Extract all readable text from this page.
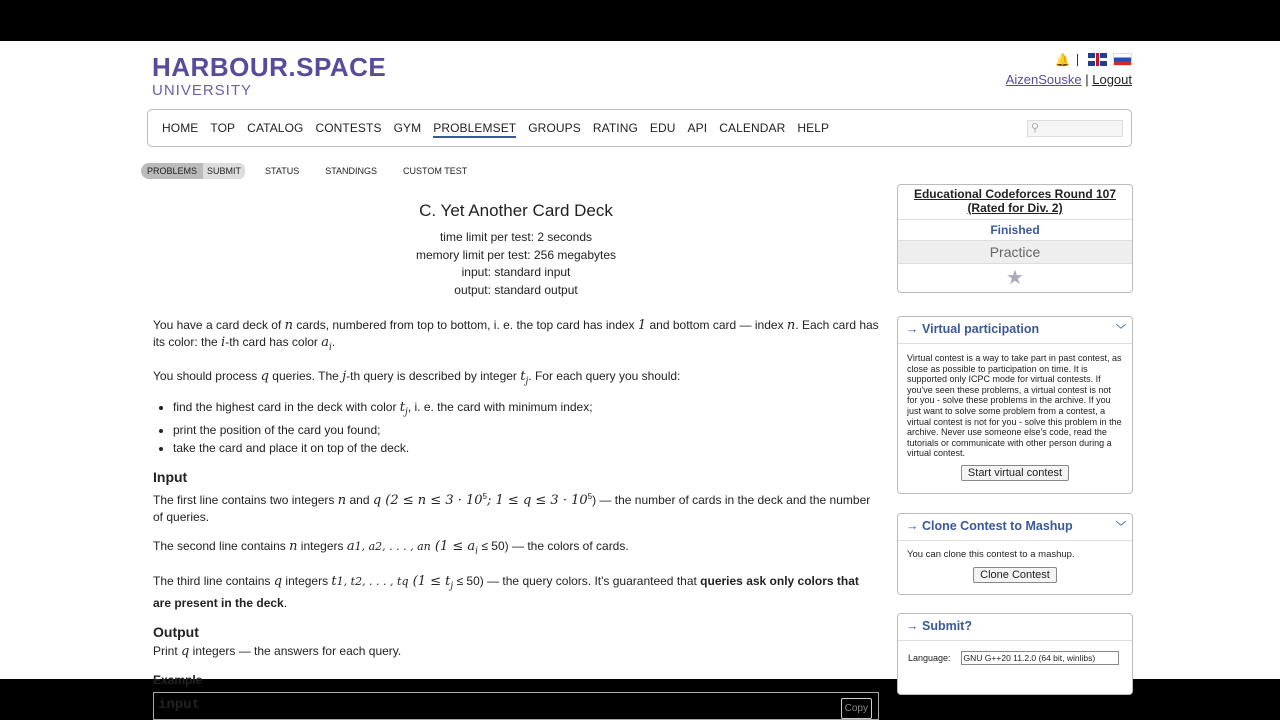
HARBOUR.SPACE
UNIVERSITY
🔔
AizenSouske | Logout
HOME TOP CATALOG CONTESTS GYM PROBLEMSET GROUPS RATING EDU API CALENDAR HELP	⚲
PROBLEMS	SUBMIT	STATUS	STANDINGS	CUSTOM TEST
C. Yet Another Card Deck
time limit per test: 2 seconds
memory limit per test: 256 megabytes
input: standard input
output: standard output
You have a card deck of n cards, numbered from top to bottom, i. e. the top card has index 1 and bottom card — index n. Each card has its color: the i-th card has color $a_i$.
You should process q queries. The j-th query is described by integer $t_j$. For each query you should:
• find the highest card in the deck with color $t_j$, i. e. the card with minimum index;
• print the position of the card you found;
• take the card and place it on top of the deck.
Input
The first line contains two integers n and q ($2 \le n \le 3 \cdot 10^5$; $1 \le q \le 3 \cdot 10^5$) — the number of cards in the deck and the number of queries.
The second line contains n integers a1, a2, . . . , an $(1 \le a_i \le 50)$ — the colors of cards.
The third line contains q integers t1, t2, . . . , tq $(1 \le t_j \le 50)$ — the query colors. It's guaranteed that queries ask only colors that are present in the deck.
Output
Print q integers — the answers for each query.
Example
input	Copy
Educational Codeforces Round 107 (Rated for Div. 2)
Finished
Practice
★
→ Virtual participation	﹀
Virtual contest is a way to take part in past contest, as close as possible to participation on time. It is supported only ICPC mode for virtual contests. If you've seen these problems, a virtual contest is not for you - solve these problems in the archive. If you just want to solve some problem from a contest, a virtual contest is not for you - solve this problem in the archive. Never use someone else's code, read the tutorials or communicate with other person during a virtual contest.
Start virtual contest
→ Clone Contest to Mashup	﹀
You can clone this contest to a mashup.
Clone Contest
→ Submit?
Language:	GNU G++20 11.2.0 (64 bit, winlibs)
